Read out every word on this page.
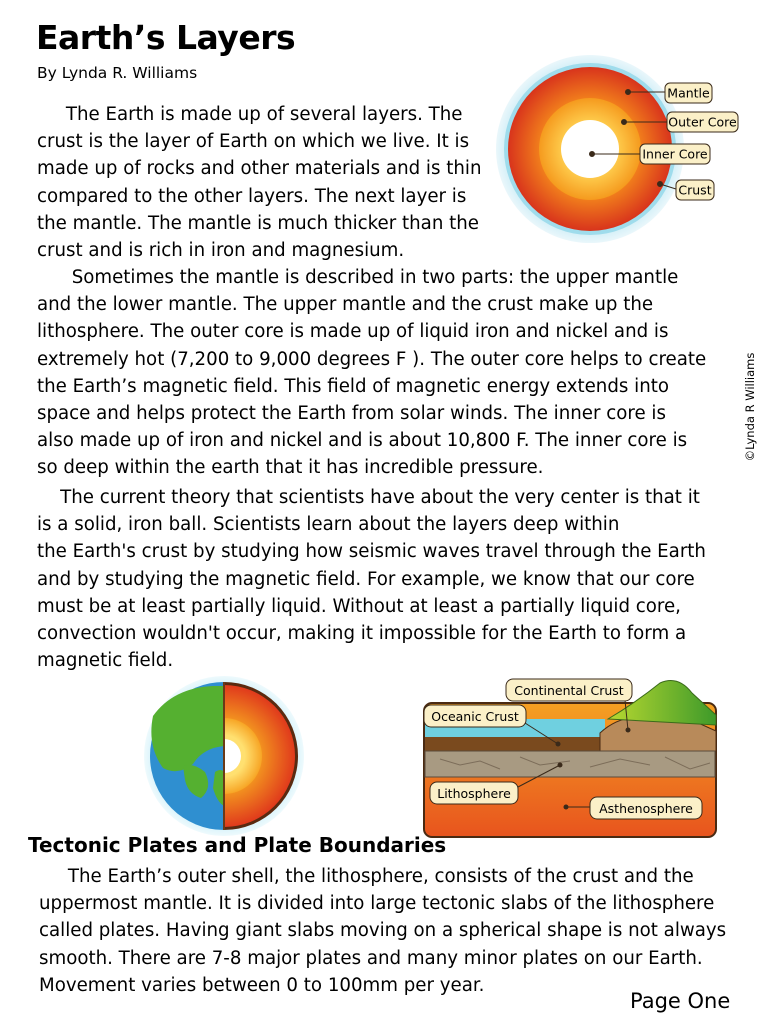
Earth’s Layers
By Lynda R. Williams
Mantle
Outer Core
Inner Core
Crust
The Earth is made up of several layers. The
crust is the layer of Earth on which we live. It is
made up of rocks and other materials and is thin
compared to the other layers. The next layer is
the mantle. The mantle is much thicker than the
crust and is rich in iron and magnesium.
Sometimes the mantle is described in two parts: the upper mantle
and the lower mantle. The upper mantle and the crust make up the
lithosphere. The outer core is made up of liquid iron and nickel and is
extremely hot (7,200 to 9,000 degrees F ). The outer core helps to create
the Earth’s magnetic field. This field of magnetic energy extends into
space and helps protect the Earth from solar winds. The inner core is
also made up of iron and nickel and is about 10,800 F. The inner core is
so deep within the earth that it has incredible pressure.
The current theory that scientists have about the very center is that it
is a solid, iron ball. Scientists learn about the layers deep within
the Earth's crust by studying how seismic waves travel through the Earth
and by studying the magnetic field. For example, we know that our core
must be at least partially liquid. Without at least a partially liquid core,
convection wouldn't occur, making it impossible for the Earth to form a
magnetic field.
©Lynda R Williams
Continental Crust
Oceanic Crust
Lithosphere
Asthenosphere
Tectonic Plates and Plate Boundaries
The Earth’s outer shell, the lithosphere, consists of the crust and the
uppermost mantle. It is divided into large tectonic slabs of the lithosphere
called plates. Having giant slabs moving on a spherical shape is not always
smooth. There are 7-8 major plates and many minor plates on our Earth.
Movement varies between 0 to 100mm per year.
Page One
